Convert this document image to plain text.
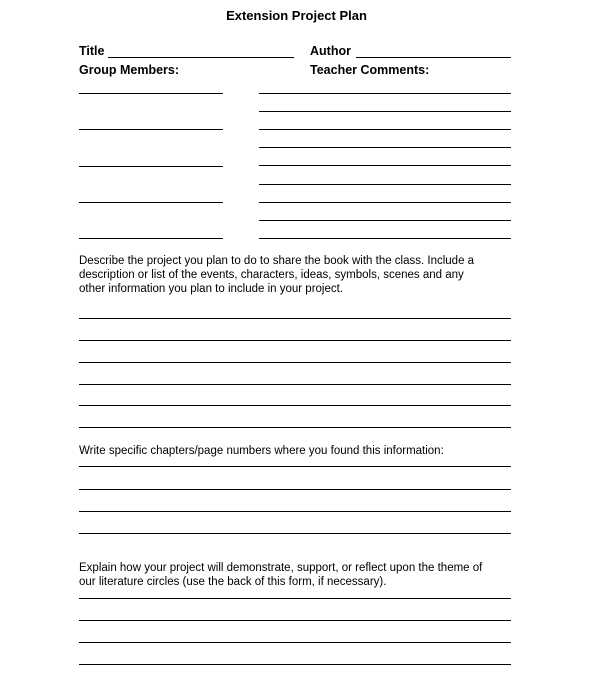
Extension Project Plan
Title	Author
Group Members:	Teacher Comments:
Describe the project you plan to do to share the book with the class. Include a
description or list of the events, characters, ideas, symbols, scenes and any
other information you plan to include in your project.
Write specific chapters/page numbers where you found this information:
Explain how your project will demonstrate, support, or reflect upon the theme of
our literature circles (use the back of this form, if necessary).
